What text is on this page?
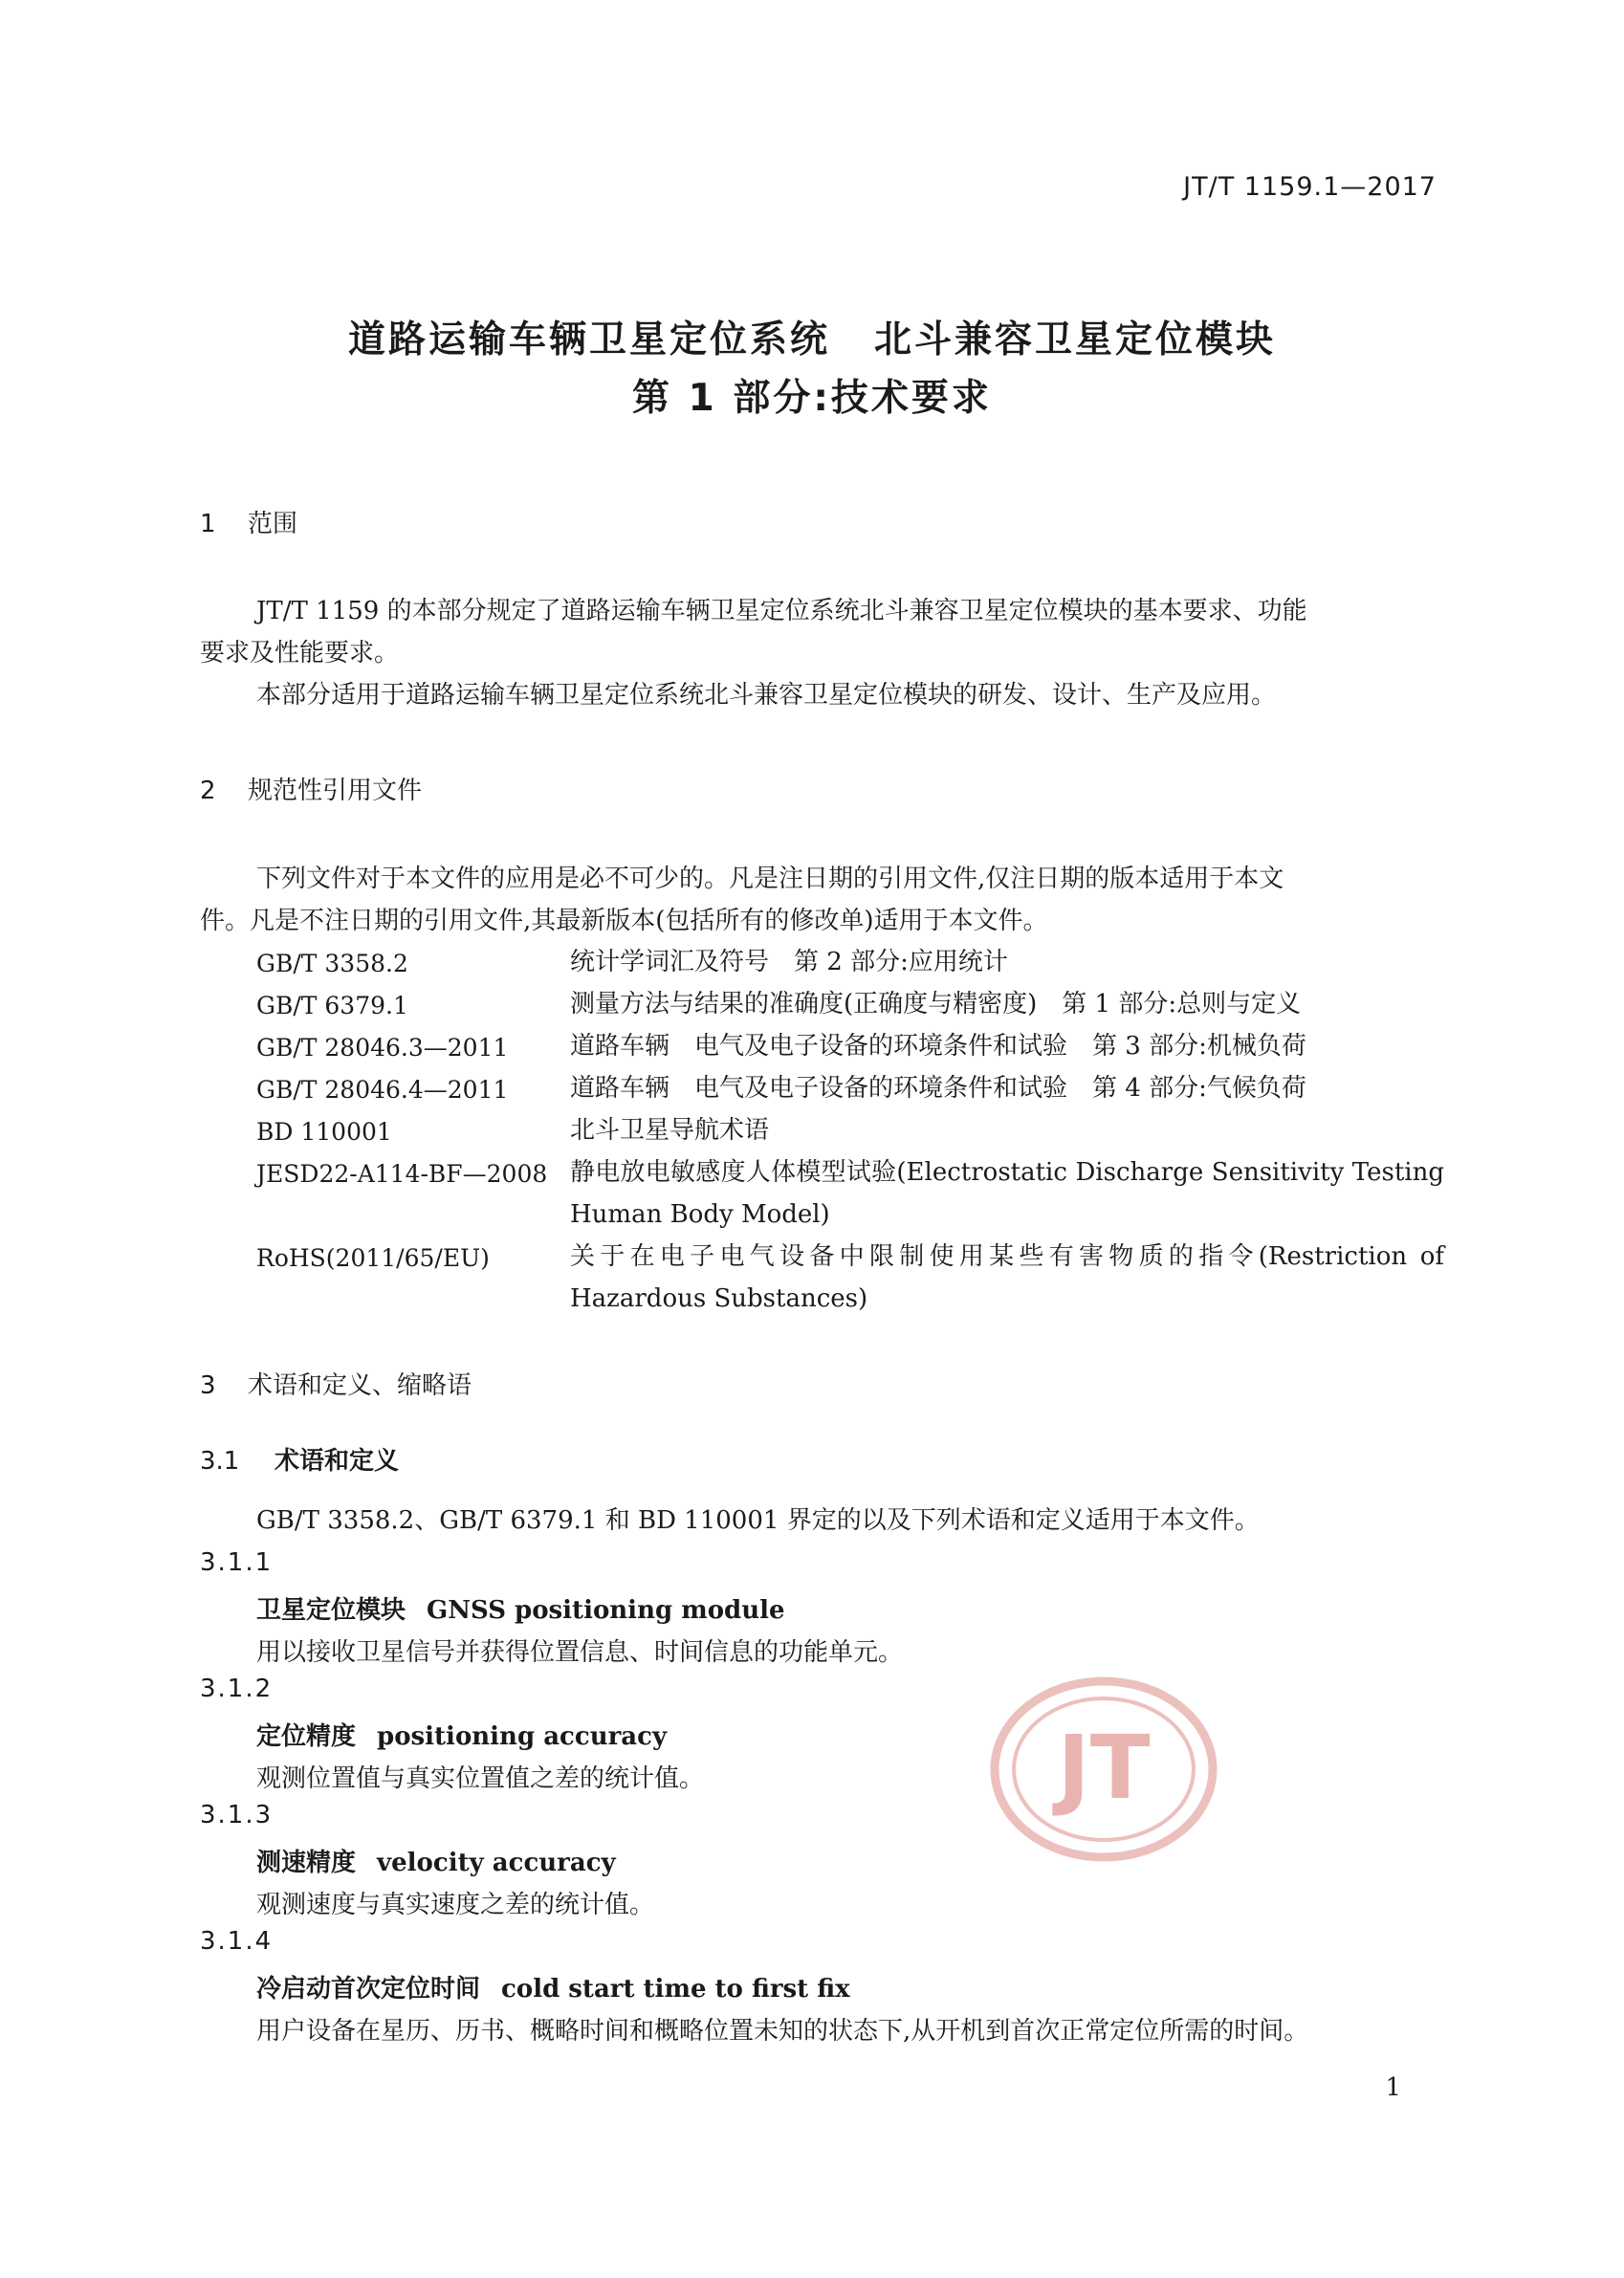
JT/T 1159.1—2017
道路运输车辆卫星定位系统 北斗兼容卫星定位模块
第 1 部分:技术要求
1 范围
JT/T 1159 的本部分规定了道路运输车辆卫星定位系统北斗兼容卫星定位模块的基本要求、功能
要求及性能要求。
本部分适用于道路运输车辆卫星定位系统北斗兼容卫星定位模块的研发、设计、生产及应用。
2 规范性引用文件
下列文件对于本文件的应用是必不可少的。凡是注日期的引用文件,仅注日期的版本适用于本文
件。凡是不注日期的引用文件,其最新版本(包括所有的修改单)适用于本文件。
GB/T 3358.2	统计学词汇及符号　第 2 部分:应用统计
GB/T 6379.1	测量方法与结果的准确度(正确度与精密度)　第 1 部分:总则与定义
GB/T 28046.3—2011 道路车辆　电气及电子设备的环境条件和试验　第 3 部分:机械负荷
GB/T 28046.4—2011 道路车辆　电气及电子设备的环境条件和试验　第 4 部分:气候负荷
BD 110001	北斗卫星导航术语
JESD22-A114-BF—2008 静电放电敏感度人体模型试验(Electrostatic Discharge Sensitivity Testing Human Body Model)
RoHS(2011/65/EU)	关于在电子电气设备中限制使用某些有害物质的指令(Restriction of Hazardous Substances)
3 术语和定义、缩略语
3.1 术语和定义
GB/T 3358.2、GB/T 6379.1 和 BD 110001 界定的以及下列术语和定义适用于本文件。
3.1.1
卫星定位模块 GNSS positioning module
用以接收卫星信号并获得位置信息、时间信息的功能单元。
3.1.2
定位精度 positioning accuracy
观测位置值与真实位置值之差的统计值。
3.1.3
测速精度 velocity accuracy
观测速度与真实速度之差的统计值。
3.1.4
冷启动首次定位时间 cold start time to first fix
用户设备在星历、历书、概略时间和概略位置未知的状态下,从开机到首次正常定位所需的时间。
1
JT
